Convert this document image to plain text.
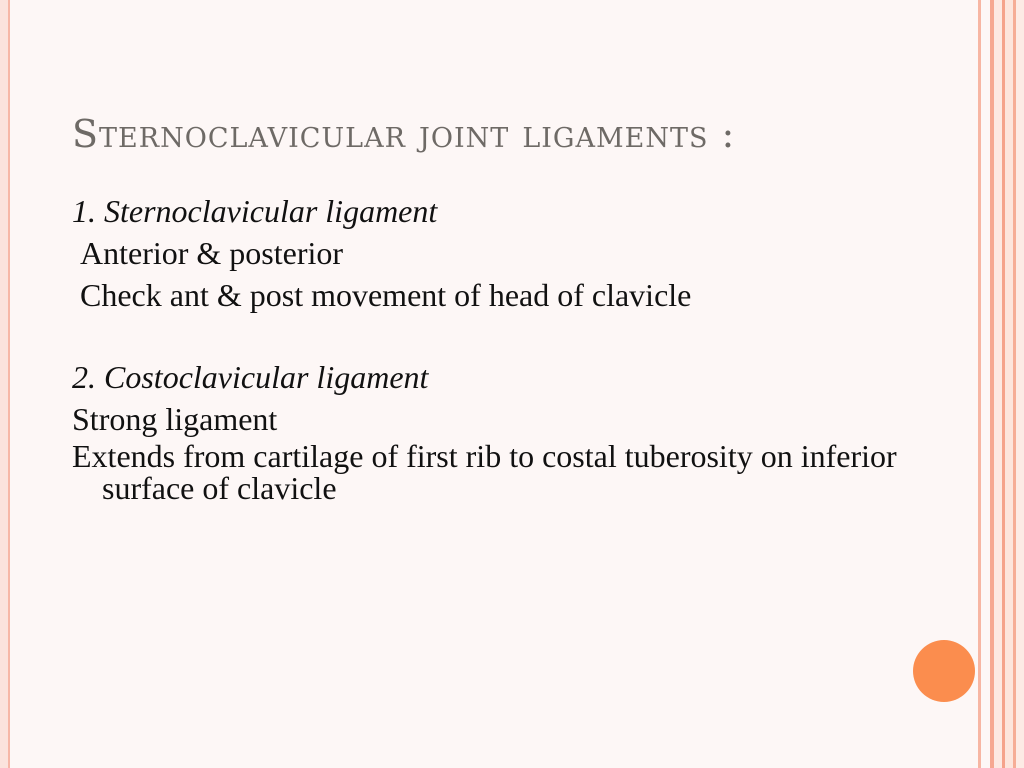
Sternoclavicular joint ligaments :
1. Sternoclavicular ligament
Anterior & posterior
Check ant & post movement of head of clavicle
2. Costoclavicular ligament
Strong ligament
Extends from cartilage of first rib to costal tuberosity on inferior surface of clavicle
